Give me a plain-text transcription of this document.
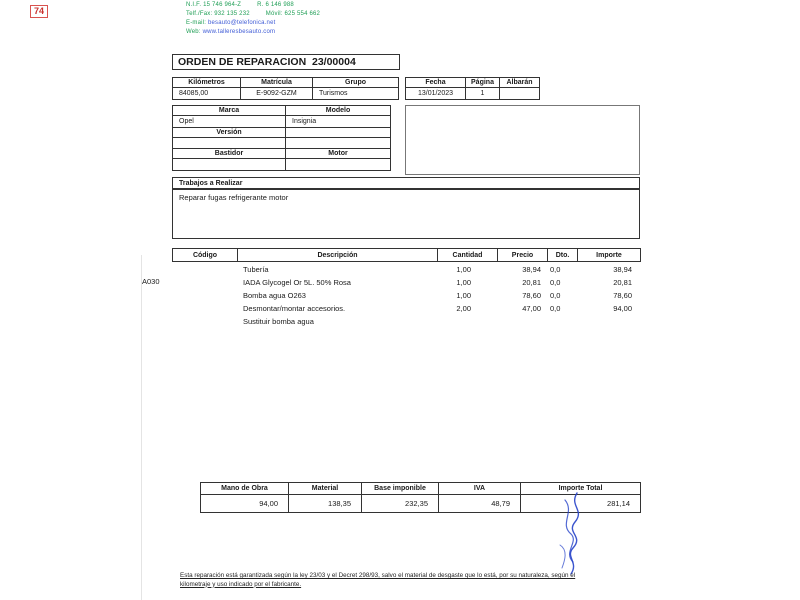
74
N.I.F. 15 746 964-Z	R. 6 146 988
Telf./Fax: 932 135 232	Móvil: 625 554 662
E-mail: besauto@telefonica.net
Web: www.talleresbesauto.com
ORDEN DE REPARACION  23/00004
Kilómetros	Matrícula	Grupo
84085,00	E-9092-GZM	Turismos
Fecha	Página	Albarán
13/01/2023	1
Marca	Modelo
Opel	Insignia
Versión
Bastidor	Motor
Trabajos a Realizar
Reparar fugas refrigerante motor
Código	Descripción	Cantidad	Precio	Dto.	Importe
A030
Tubería	1,00	38,94	0,0	38,94
IADA Glycogel Or 5L. 50% Rosa	1,00	20,81	0,0	20,81
Bomba agua O263	1,00	78,60	0,0	78,60
Desmontar/montar accesorios.	2,00	47,00	0,0	94,00
Sustituir bomba agua
Mano de Obra	Material	Base imponible	IVA	Importe Total
94,00	138,35	232,35	48,79	281,14
Esta reparación está garantizada según la ley 23/03 y el Decret 298/93, salvo el material de desgaste que lo está, por su naturaleza, según el
kilometraje y uso indicado por el fabricante.
